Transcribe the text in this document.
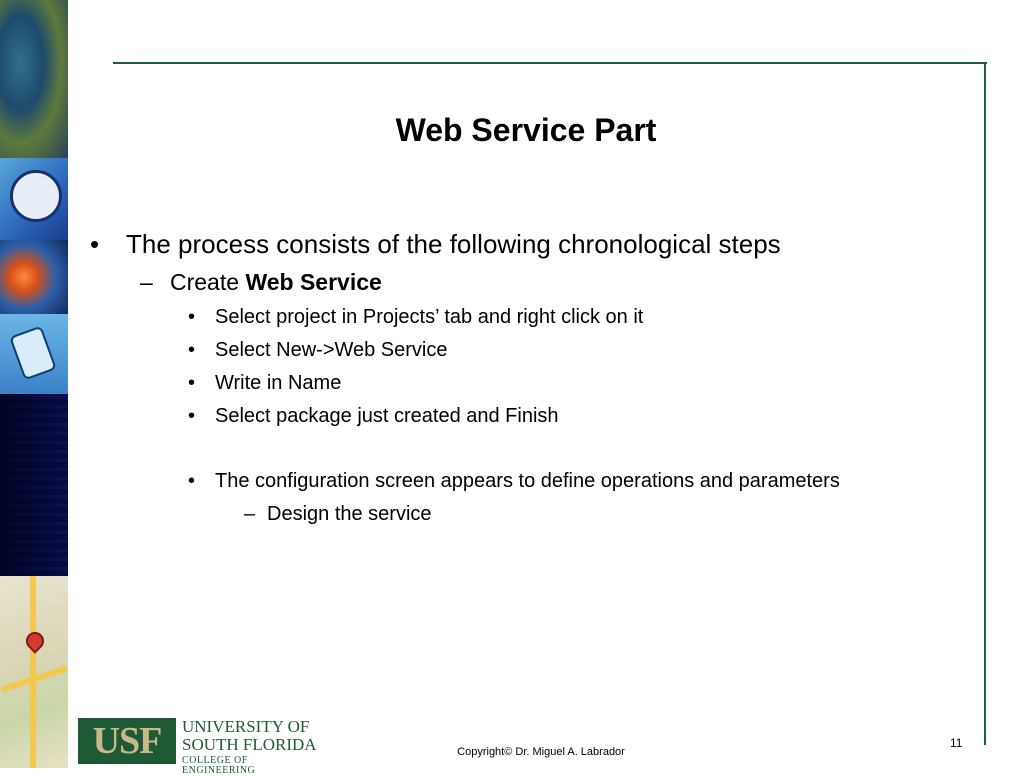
Web Service Part
• The process consists of the following chronological steps
– Create Web Service
• Select project in Projects’ tab and right click on it
• Select New->Web Service
• Write in Name
• Select package just created and Finish
• The configuration screen appears to define operations and parameters
– Design the service
USF	UNIVERSITY OF
SOUTH FLORIDA
COLLEGE OF ENGINEERING
Copyright© Dr. Miguel A. Labrador
11
